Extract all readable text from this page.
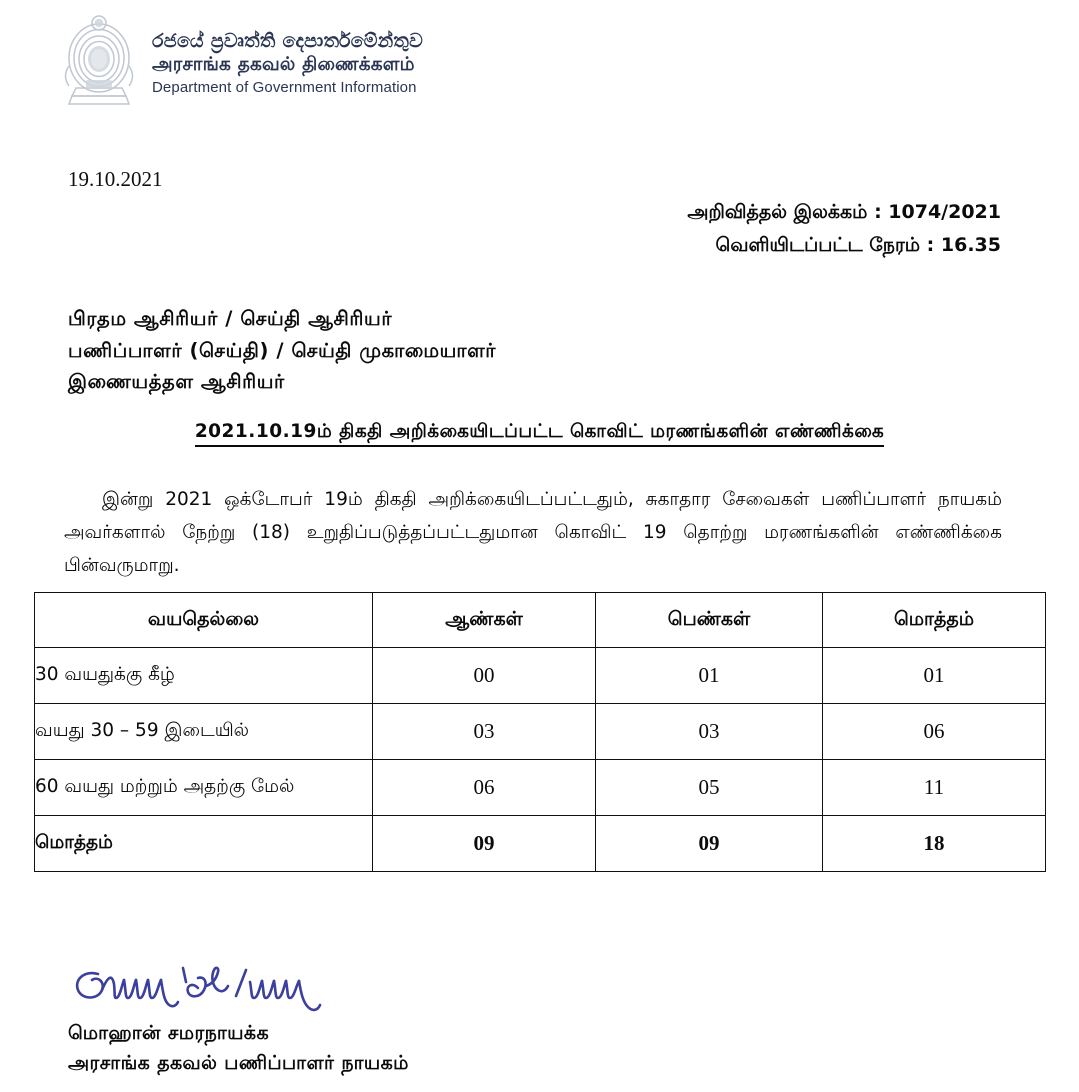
රජයේ ප්‍රවෘත්ති දෙපාර්තමේන්තුව
அரசாங்க தகவல் திணைக்களம்
Department of Government Information
19.10.2021
அறிவித்தல் இலக்கம் : 1074/2021
வெளியிடப்பட்ட நேரம் : 16.35
பிரதம ஆசிரியர் / செய்தி ஆசிரியர்
பணிப்பாளர் (செய்தி) / செய்தி முகாமையாளர்
இணையத்தள ஆசிரியர்
2021.10.19ம் திகதி அறிக்கையிடப்பட்ட கொவிட் மரணங்களின் எண்ணிக்கை
இன்று 2021 ஒக்டோபர் 19ம் திகதி அறிக்கையிடப்பட்டதும், சுகாதார சேவைகள் பணிப்பாளர் நாயகம் அவர்களால் நேற்று (18) உறுதிப்படுத்தப்பட்டதுமான கொவிட் 19 தொற்று மரணங்களின் எண்ணிக்கை பின்வருமாறு.
வயதெல்லை	ஆண்கள்	பெண்கள்	மொத்தம்
30 வயதுக்கு கீழ்	00	01	01
வயது 30 – 59 இடையில்	03	03	06
60 வயது மற்றும் அதற்கு மேல்	06	05	11
மொத்தம்	09	09	18
மொஹான் சமரநாயக்க
அரசாங்க தகவல் பணிப்பாளர் நாயகம்
